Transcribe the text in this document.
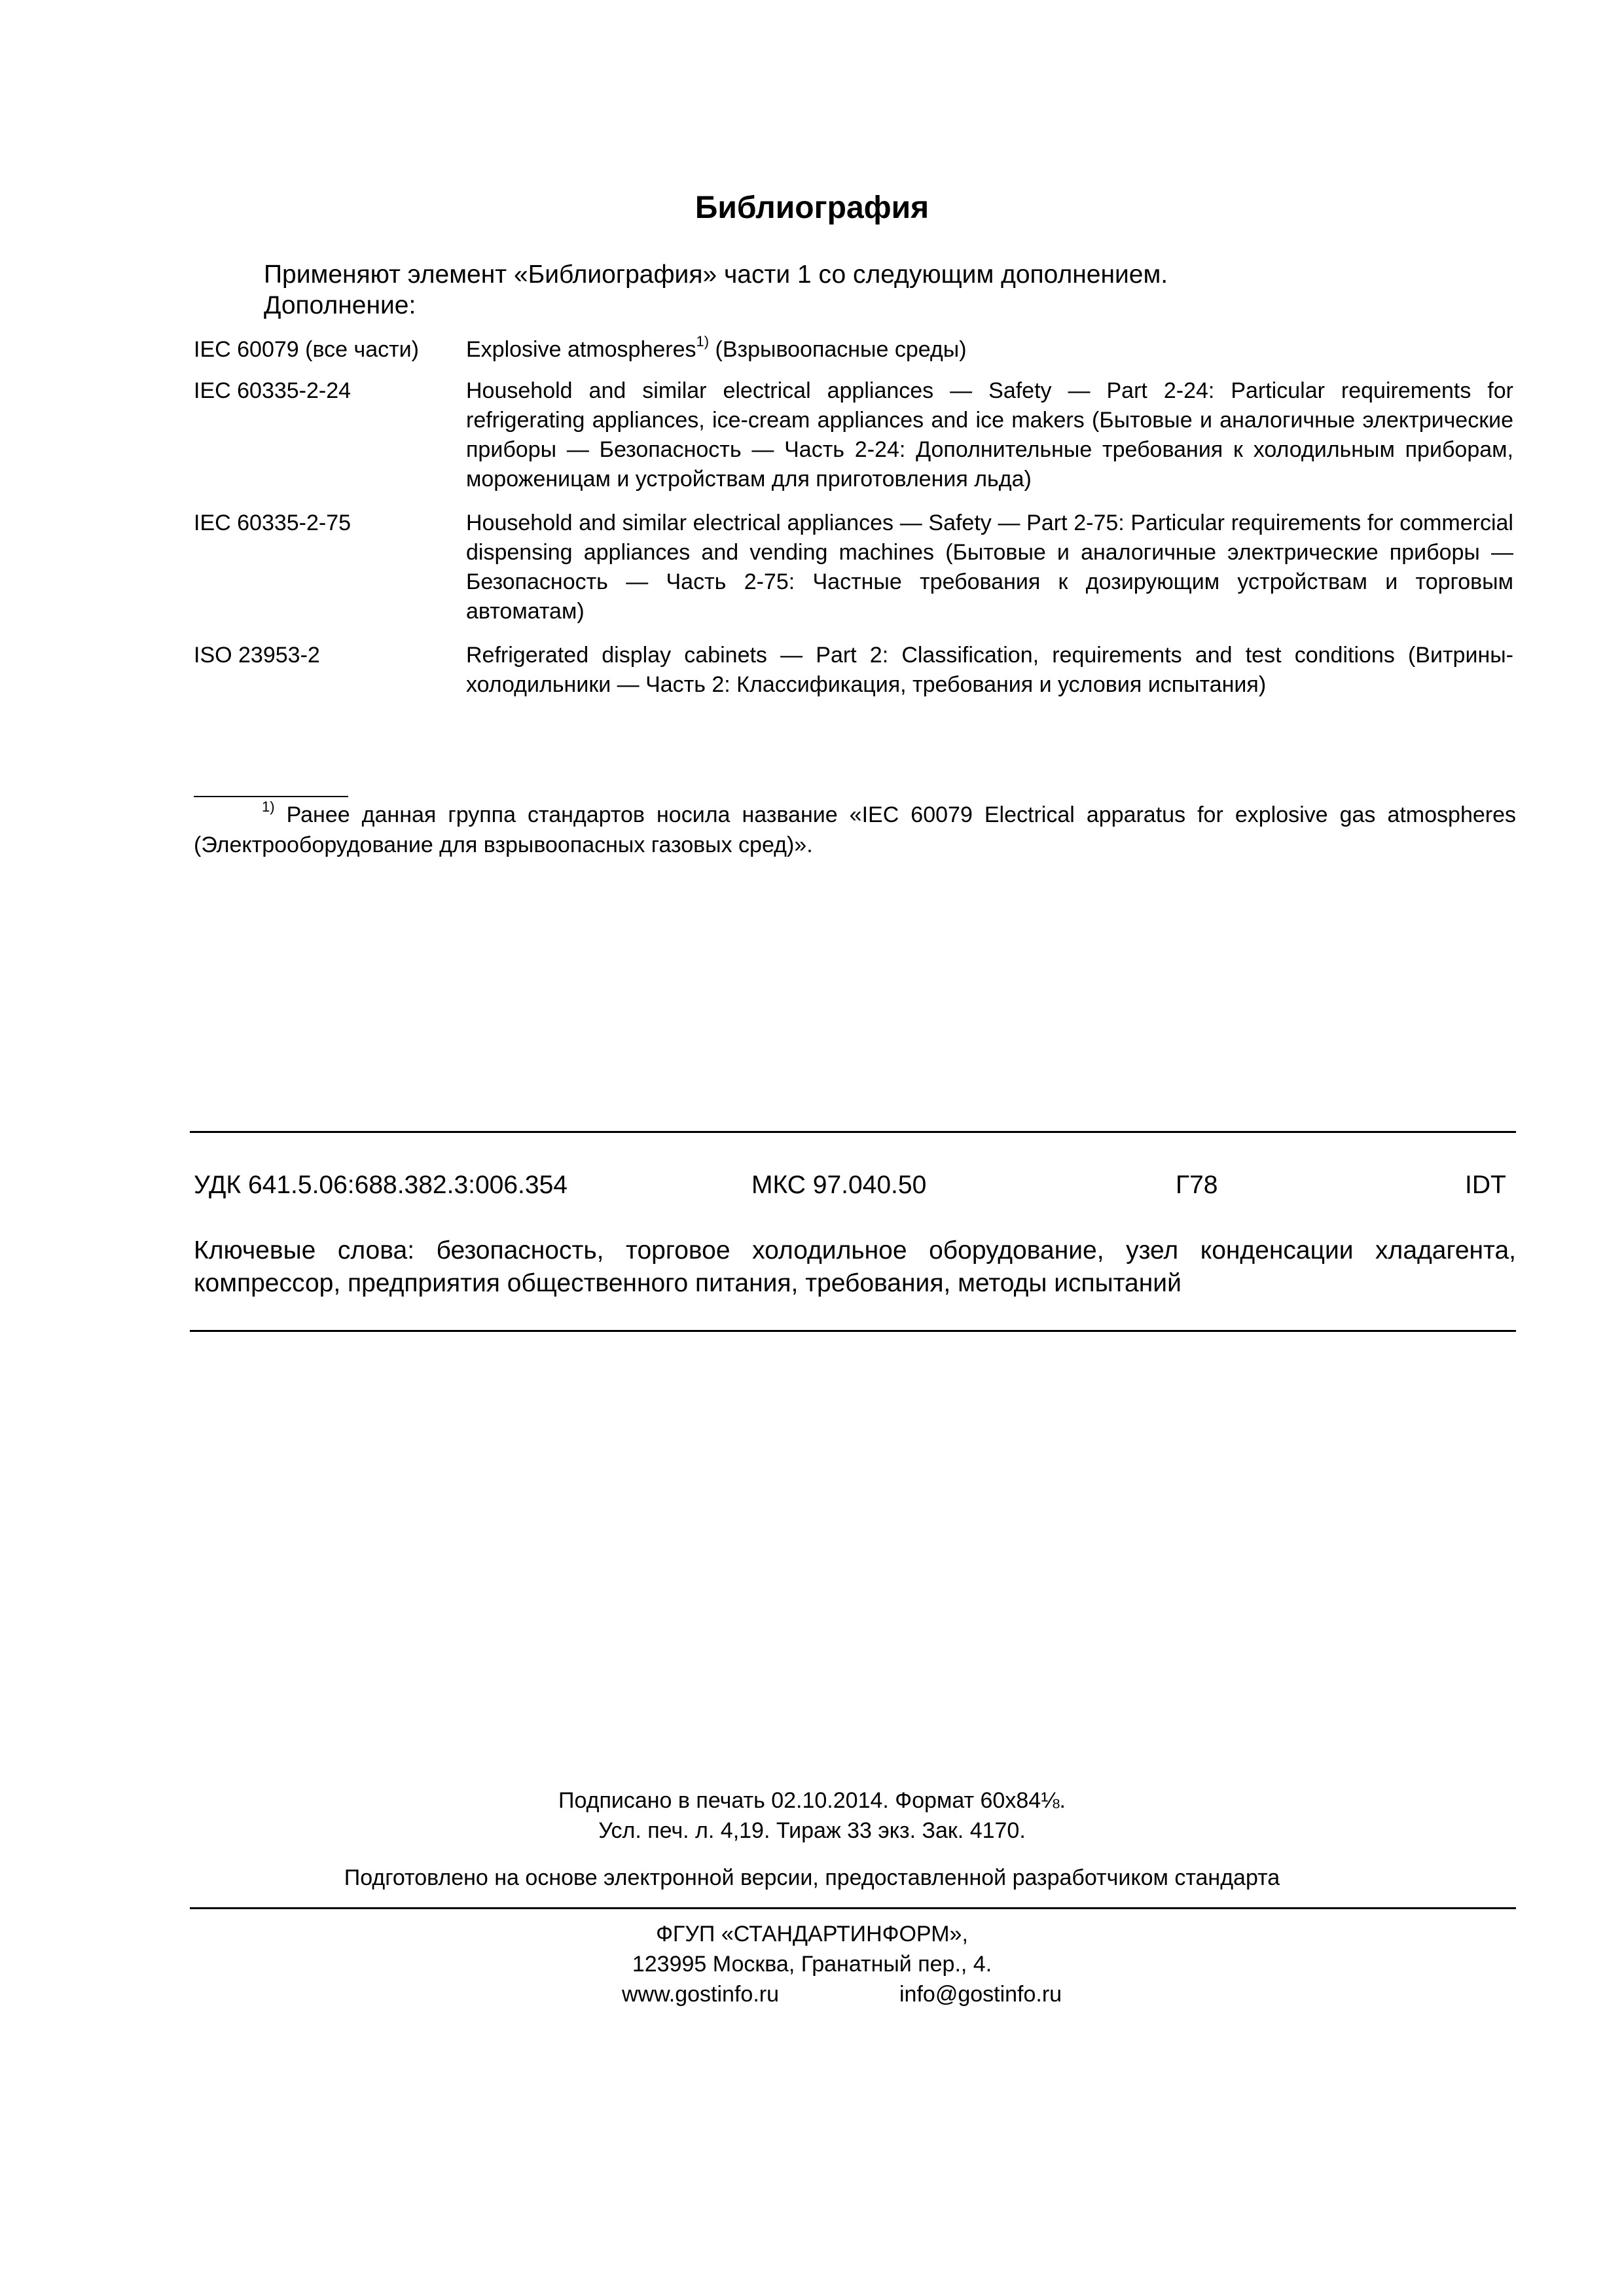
Библиография
Применяют элемент «Библиография» части 1 со следующим дополнением.
Дополнение:
IEC 60079 (все части)	Explosive atmospheres$^{1)}$ (Взрывоопасные среды)
IEC 60335-2-24	Household and similar electrical appliances — Safety — Part 2-24: Particular requirements for refrigerating appliances, ice-cream appliances and ice makers (Бытовые и аналогичные электрические приборы — Безопасность — Часть 2-24: Дополнительные требования к холодильным приборам, мороженицам и устройствам для приготовления льда)
IEC 60335-2-75	Household and similar electrical appliances — Safety — Part 2-75: Particular requirements for commercial dispensing appliances and vending machines (Бытовые и аналогичные электрические приборы — Безопасность — Часть 2-75: Частные требования к дозирующим устройствам и торговым автоматам)
ISO 23953-2	Refrigerated display cabinets — Part 2: Classification, requirements and test conditions (Витрины-холодильники — Часть 2: Классификация, требования и условия испытания)
$^{1)}$ Ранее данная группа стандартов носила название «IEC 60079 Electrical apparatus for explosive gas atmospheres (Электрооборудование для взрывоопасных газовых сред)».
УДК 641.5.06:688.382.3:006.354	МКС 97.040.50	Г78	IDT
Ключевые слова: безопасность, торговое холодильное оборудование, узел конденсации хладагента, компрессор, предприятия общественного питания, требования, методы испытаний
Подписано в печать 02.10.2014. Формат 60x84⅛.
Усл. печ. л. 4,19. Тираж 33 экз. Зак. 4170.
Подготовлено на основе электронной версии, предоставленной разработчиком стандарта
ФГУП «СТАНДАРТИНФОРМ»,
123995 Москва, Гранатный пер., 4.
www.gostinfo.ru	info@gostinfo.ru
